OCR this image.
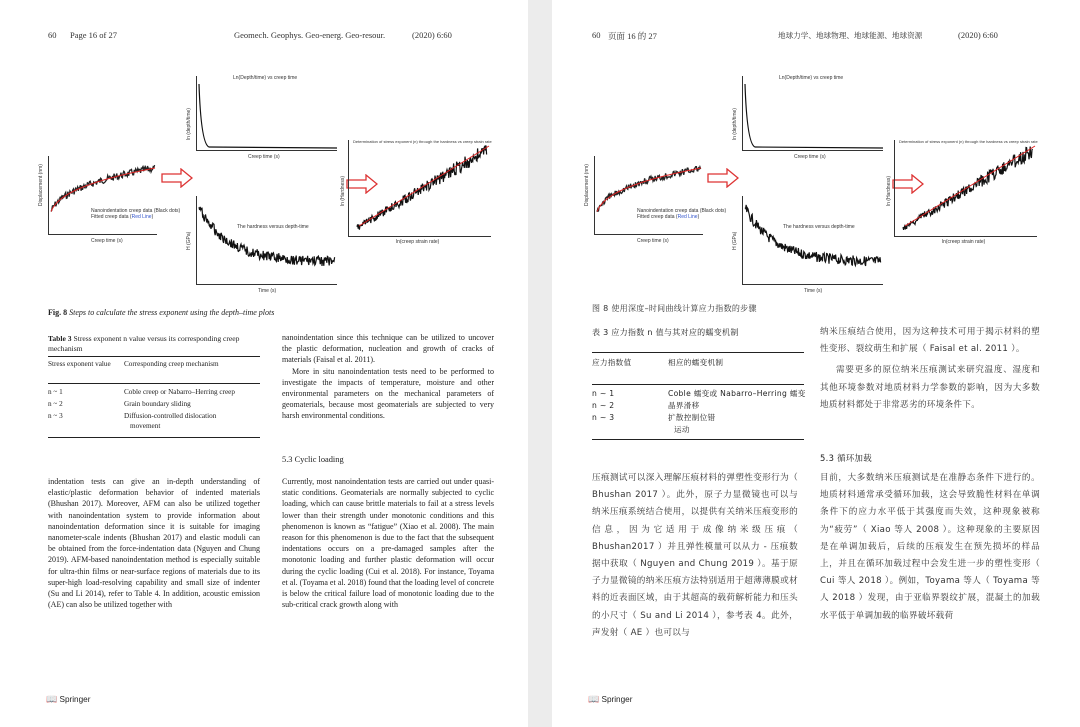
60 Page 16 of 27	Geomech. Geophys. Geo-energ. Geo-resour.	(2020) 6:60
Nanoindentation creep data (Black dots)
Fitted creep data (Red Line)
Displacement (nm)
Creep time (s)
Ln(Depth/time) vs creep time
ln (depth/time)
Creep time (s)
The hardness versus depth-time
H (GPa)
Time (s)
Determination of stress exponent (n) through the hardness vs creep strain rate
ln (Hardness)
ln(creep strain rate)
Fig. 8 Steps to calculate the stress exponent using the depth–time plots
Table 3 Stress exponent n value versus its corresponding creep mechanism
Stress exponent value	Corresponding creep mechanism
n ~ 1	Coble creep or Nabarro–Herring creep
n ~ 2	Grain boundary sliding
n ~ 3	Diffusion-controlled dislocation
movement

nanoindentation since this technique can be utilized to uncover the plastic deformation, nucleation and growth of cracks of materials (Faisal et al. 2011).

More in situ nanoindentation tests need to be performed to investigate the impacts of temperature, moisture and other environmental parameters on the mechanical parameters of geomaterials, because most geomaterials are subjected to very harsh environmental conditions.

5.3 Cyclic loading
indentation tests can give an in-depth understanding of elastic/plastic deformation behavior of indented materials (Bhushan 2017). Moreover, AFM can also be utilized together with nanoindentation system to provide information about nanoindentation deformation since it is suitable for imaging nanometer-scale indents (Bhushan 2017) and elastic moduli can be obtained from the force-indentation data (Nguyen and Chung 2019). AFM-based nanoindentation method is especially suitable for ultra-thin films or near-surface regions of materials due to its super-high load-resolving capability and small size of indenter (Su and Li 2014), refer to Table 4. In addition, acoustic emission (AE) can also be utilized together with
Currently, most nanoindentation tests are carried out under quasi-static conditions. Geomaterials are normally subjected to cyclic loading, which can cause brittle materials to fail at a stress levels lower than their strength under monotonic conditions and this phenomenon is known as “fatigue” (Xiao et al. 2008). The main reason for this phenomenon is due to the fact that the subsequent indentations occurs on a pre-damaged samples after the monotonic loading and further plastic deformation will occur during the cyclic loading (Cui et al. 2018). For instance, Toyama et al. (Toyama et al. 2018) found that the loading level of concrete is below the critical failure load of monotonic loading due to the sub-critical crack growth along with
📖 Springer
60 页面 16 的 27	地球力学、地球物理、地球能源、地球资源	(2020) 6:60
Nanoindentation creep data (Black dots)
Fitted creep data (Red Line)
Displacement (nm)
Creep time (s)
Ln(Depth/time) vs creep time
ln (depth/time)
Creep time (s)
The hardness versus depth-time
H (GPa)
Time (s)
Determination of stress exponent (n) through the hardness vs creep strain rate
ln (Hardness)
ln(creep strain rate)
图 8 使用深度–时间曲线计算应力指数的步骤
表 3 应力指数 n 值与其对应的蠕变机制
应力指数值	相应的蠕变机制
n ~ 1	Coble 蠕变或 Nabarro–Herring 蠕变
n ~ 2	晶界滑移
n ~ 3	扩散控制位错
运动

纳米压痕结合使用，因为这种技术可用于揭示材料的塑性变形、裂纹萌生和扩展（ Faisal et al. 2011 ）。

需要更多的原位纳米压痕测试来研究温度、湿度和其他环境参数对地质材料力学参数的影响，因为大多数地质材料都处于非常恶劣的环境条件下。

5.3 循环加载
压痕测试可以深入理解压痕材料的弹塑性变形行为（ Bhushan 2017 ）。此外，原子力显微镜也可以与纳米压痕系统结合使用，以提供有关纳米压痕变形的信息，因为它适用于成像纳米级压痕（ Bhushan2017 ）并且弹性模量可以从力 - 压痕数据中获取（ Nguyen and Chung 2019 ）。基于原子力显微镜的纳米压痕方法特别适用于超薄薄膜或材料的近表面区域，由于其超高的载荷解析能力和压头的小尺寸（ Su and Li 2014 ），参考表 4。此外，声发射（ AE ）也可以与
目前，大多数纳米压痕测试是在准静态条件下进行的。地质材料通常承受循环加载，这会导致脆性材料在单调条件下的应力水平低于其强度而失效，这种现象被称为“疲劳”（ Xiao 等人 2008 ）。这种现象的主要原因是在单调加载后，后续的压痕发生在预先损坏的样品上，并且在循环加载过程中会发生进一步的塑性变形（ Cui 等人 2018 ）。例如，Toyama 等人（ Toyama 等人 2018 ）发现，由于亚临界裂纹扩展，混凝土的加载水平低于单调加载的临界破坏载荷
📖 Springer
